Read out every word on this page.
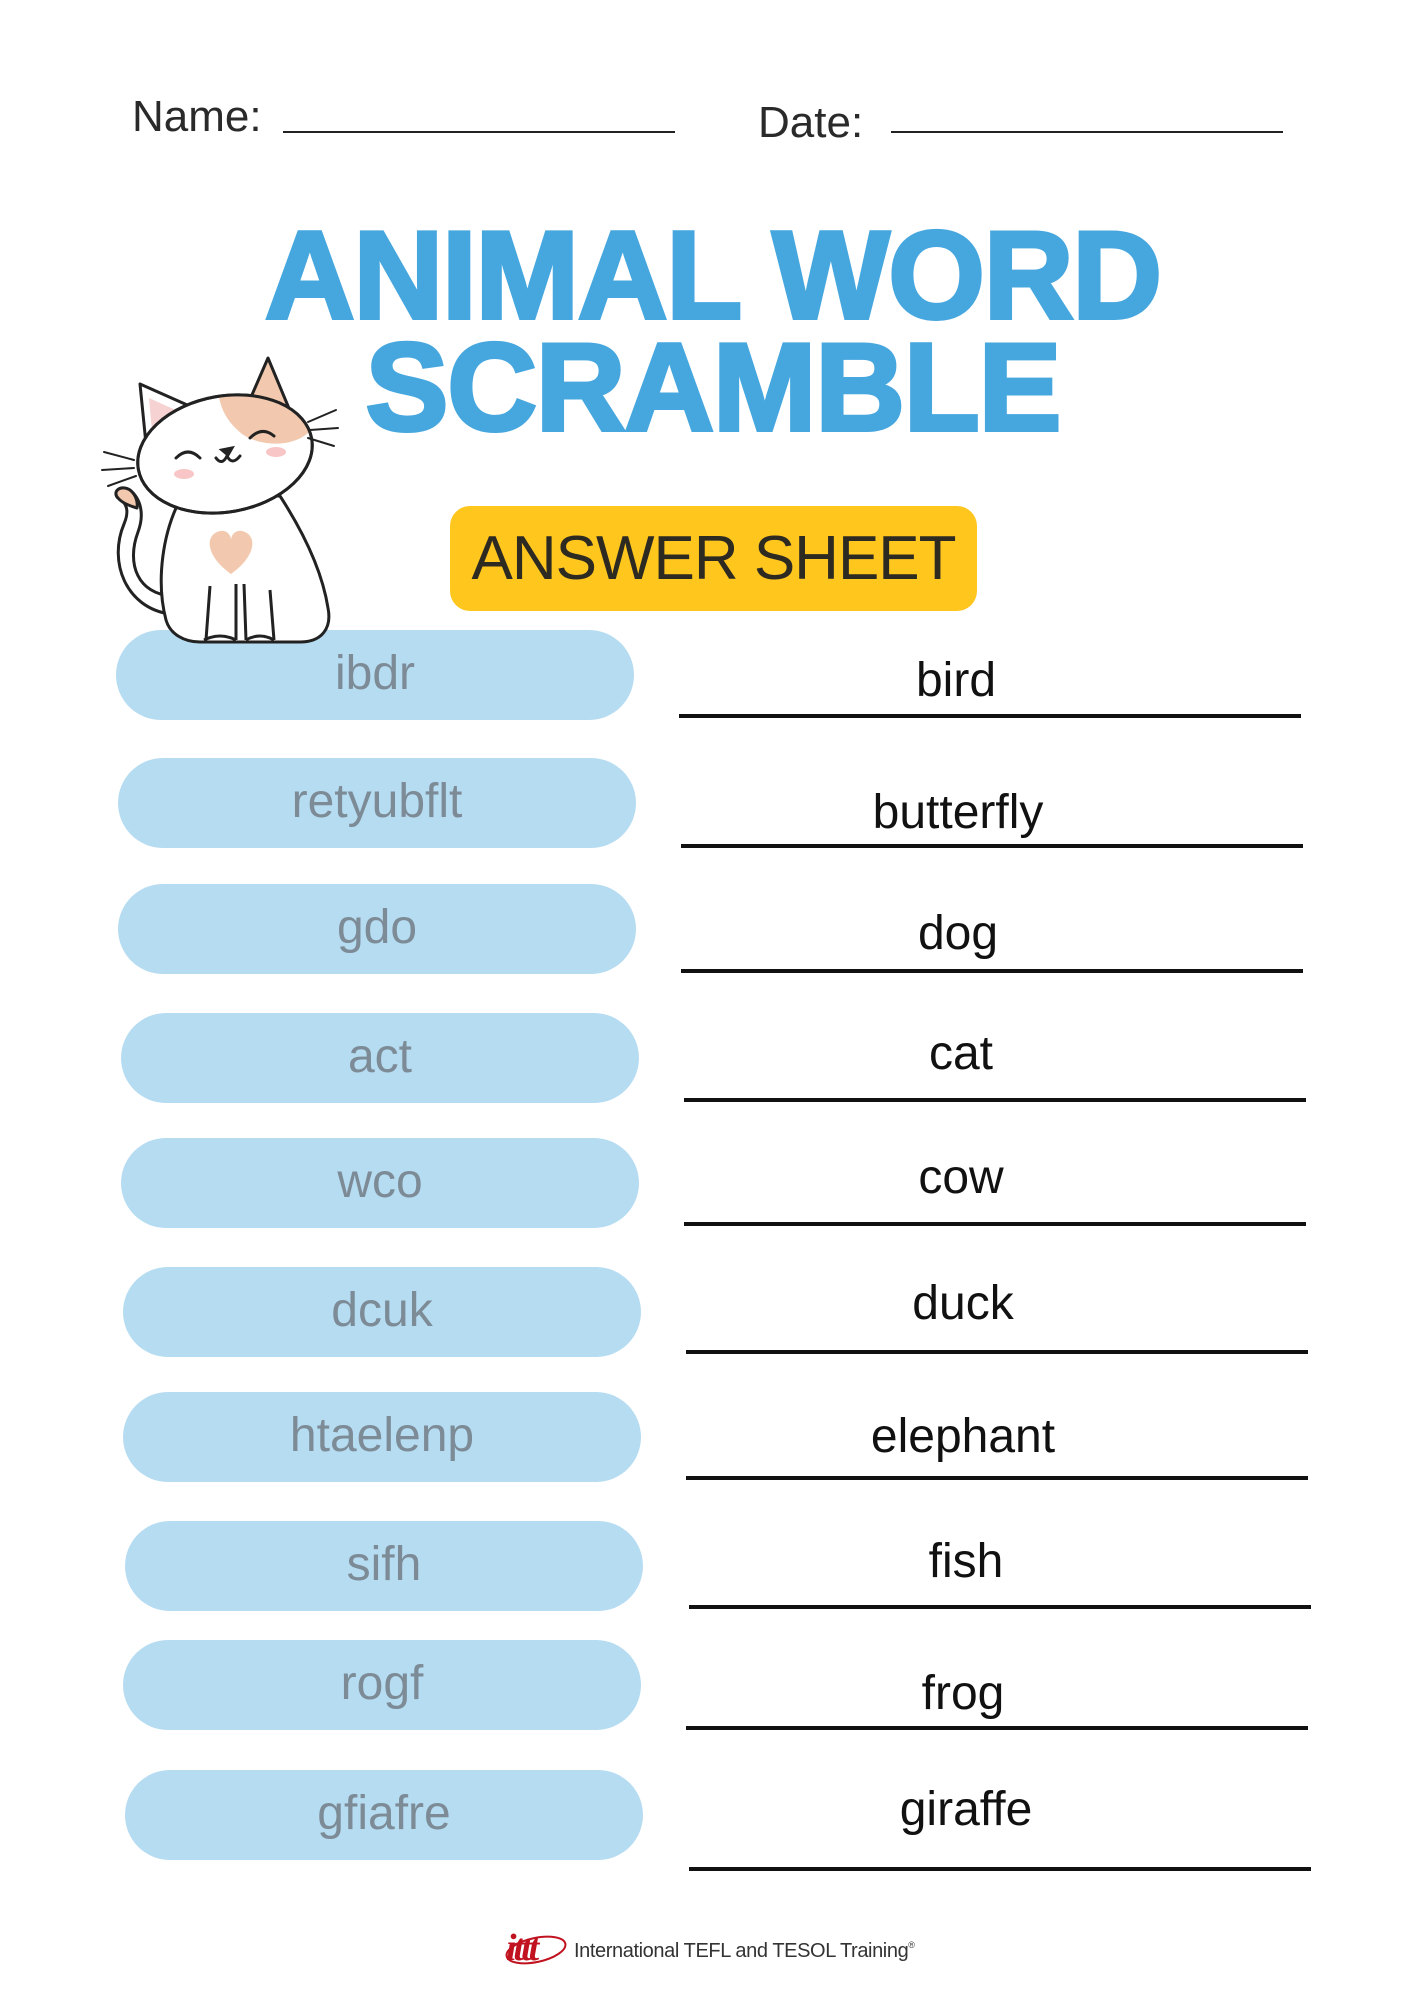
Name:	Date:
ANIMAL WORD
SCRAMBLE
ANSWER SHEET
ibdr	bird
retyubflt	butterfly
gdo	dog
act	cat
wco	cow
dcuk	duck
htaelenp	elephant
sifh	fish
rogf	frog
gfiafre	giraffe
ittt International TEFL and TESOL Training®
